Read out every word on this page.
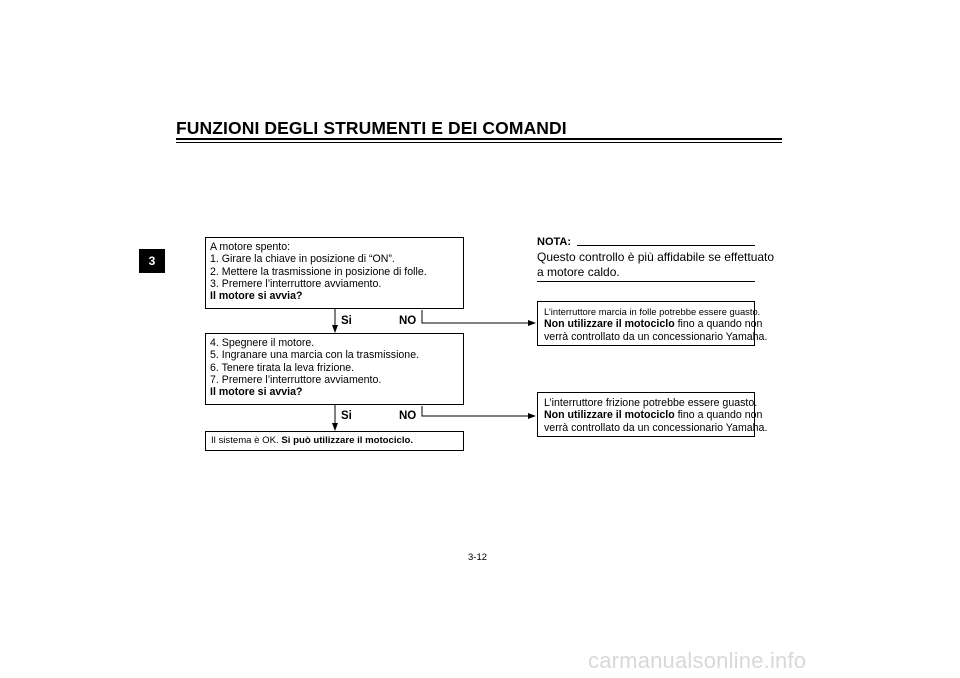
FUNZIONI DEGLI STRUMENTI E DEI COMANDI
3
A motore spento:
1. Girare la chiave in posizione di “ON”.
2. Mettere la trasmissione in posizione di folle.
3. Premere l’interruttore avviamento.
Il motore si avvia?
Si	NO
4. Spegnere il motore.
5. Ingranare una marcia con la trasmissione.
6. Tenere tirata la leva frizione.
7. Premere l’interruttore avviamento.
Il motore si avvia?
Si	NO
Il sistema è OK. Si può utilizzare il motociclo.
NOTA:
Questo controllo è più affidabile se effettuato
a motore caldo.
L’interruttore marcia in folle potrebbe essere guasto.
Non utilizzare il motociclo fino a quando non
verrà controllato da un concessionario Yamaha.
L’interruttore frizione potrebbe essere guasto.
Non utilizzare il motociclo fino a quando non
verrà controllato da un concessionario Yamaha.
3-12
carmanualsonline.info
